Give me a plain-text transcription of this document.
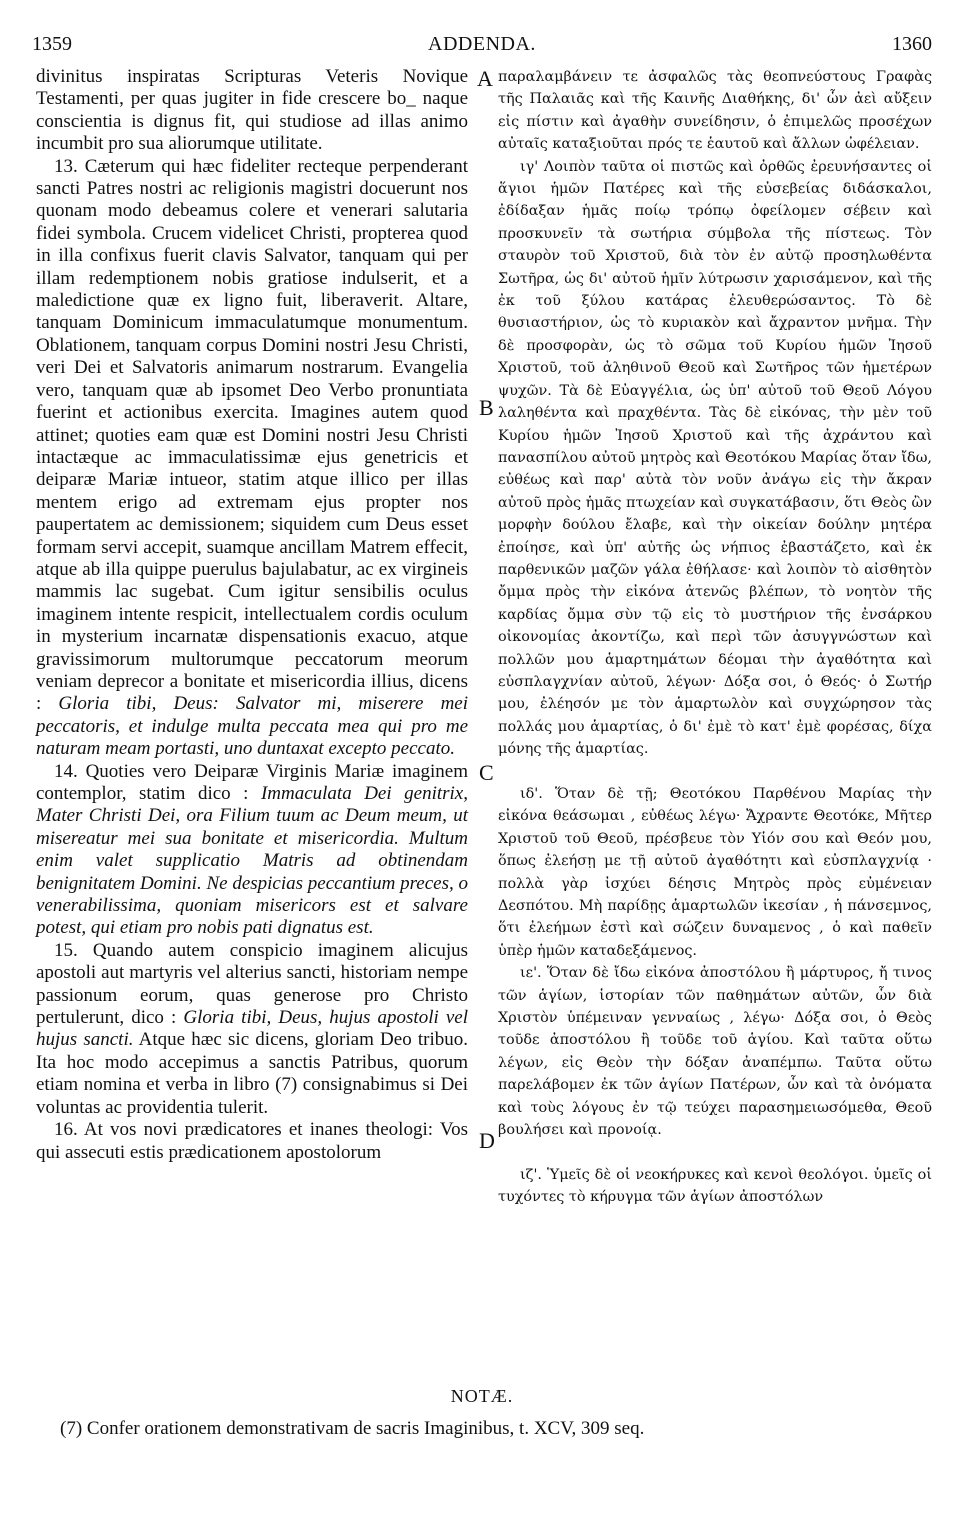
1359	ADDENDA.	1360

divinitus inspiratas Scripturas Veteris Novique Testamenti, per quas jugiter in fide crescere bo_ naque conscientia is dignus fit, qui studiose ad illas animo incumbit pro sua aliorumque utilitate.

13. Cæterum qui hæc fideliter recteque perpenderant sancti Patres nostri ac religionis magistri docuerunt nos quonam modo debeamus colere et venerari salutaria fidei symbola. Crucem videlicet Christi, propterea quod in illa confixus fuerit clavis Salvator, tanquam qui per illam redemptionem nobis gratiose indulserit, et a maledictione quæ ex ligno fuit, liberaverit. Altare, tanquam Dominicum immaculatumque monumentum. Oblationem, tanquam corpus Domini nostri Jesu Christi, veri Dei et Salvatoris animarum nostrarum. Evangelia vero, tanquam quæ ab ipsomet Deo Verbo pronuntiata fuerint et actionibus exercita. Imagines autem quod attinet; quoties eam quæ est Domini nostri Jesu Christi intactæque ac immaculatissimæ ejus genetricis et deiparæ Mariæ intueor, statim atque illico per illas mentem erigo ad extremam ejus propter nos paupertatem ac demissionem; siquidem cum Deus esset formam servi accepit, suamque ancillam Matrem effecit, atque ab illa quippe puerulus bajulabatur, ac ex virgineis mammis lac sugebat. Cum igitur sensibilis oculus imaginem intente respicit, intellectualem cordis oculum in mysterium incarnatæ dispensationis exacuo, atque gravissimorum multorumque peccatorum meorum veniam deprecor a bonitate et misericordia illius, dicens : Gloria tibi, Deus: Salvator mi, miserere mei peccatoris, et indulge multa peccata mea qui pro me naturam meam portasti, uno duntaxat excepto peccato.

14. Quoties vero Deiparæ Virginis Mariæ imaginem contemplor, statim dico : Immaculata Dei genitrix, Mater Christi Dei, ora Filium tuum ac Deum meum, ut misereatur mei sua bonitate et misericordia. Multum enim valet supplicatio Matris ad obtinendam benignitatem Domini. Ne despicias peccantium preces, o venerabilissima, quoniam misericors est et salvare potest, qui etiam pro nobis pati dignatus est.

15. Quando autem conspicio imaginem alicujus apostoli aut martyris vel alterius sancti, historiam nempe passionum eorum, quas generose pro Christo pertulerunt, dico : Gloria tibi, Deus, hujus apostoli vel hujus sancti. Atque hæc sic dicens, gloriam Deo tribuo. Ita hoc modo accepimus a sanctis Patribus, quorum etiam nomina et verba in libro (7) consignabimus si Dei voluntas ac providentia tulerit.

16. At vos novi prædicatores et inanes theologi: Vos qui assecuti estis prædicationem apostolorum

A
B
C
D

παραλαμβάνειν τε ἀσφαλῶς τὰς θεοπνεύστους Γραφὰς τῆς Παλαιᾶς καὶ τῆς Καινῆς Διαθήκης, δι' ὧν ἀεὶ αὔξειν εἰς πίστιν καὶ ἀγαθὴν συνείδησιν, ὁ ἐπιμελῶς προσέχων αὐταῖς καταξιοῦται πρός τε ἑαυτοῦ καὶ ἄλλων ὠφέλειαν.

ιγ' Λοιπὸν ταῦτα οἱ πιστῶς καὶ ὀρθῶς ἐρευνήσαντες οἱ ἅγιοι ἡμῶν Πατέρες καὶ τῆς εὐσεβείας διδάσκαλοι, ἐδίδαξαν ἡμᾶς ποίῳ τρόπῳ ὀφείλομεν σέβειν καὶ προσκυνεῖν τὰ σωτήρια σύμβολα τῆς πίστεως. Τὸν σταυρὸν τοῦ Χριστοῦ, διὰ τὸν ἐν αὐτῷ προσηλωθέντα Σωτῆρα, ὡς δι' αὐτοῦ ἡμῖν λύτρωσιν χαρισάμενον, καὶ τῆς ἐκ τοῦ ξύλου κατάρας ἐλευθερώσαντος. Τὸ δὲ θυσιαστήριον, ὡς τὸ κυριακὸν καὶ ἄχραντον μνῆμα. Τὴν δὲ προσφορὰν, ὡς τὸ σῶμα τοῦ Κυρίου ἡμῶν Ἰησοῦ Χριστοῦ, τοῦ ἀληθινοῦ Θεοῦ καὶ Σωτῆρος τῶν ἡμετέρων ψυχῶν. Τὰ δὲ Εὐαγγέλια, ὡς ὑπ' αὐτοῦ τοῦ Θεοῦ Λόγου λαληθέντα καὶ πραχθέντα. Τὰς δὲ εἰκόνας, τὴν μὲν τοῦ Κυρίου ἡμῶν Ἰησοῦ Χριστοῦ καὶ τῆς ἀχράντου καὶ πανασπίλου αὐτοῦ μητρὸς καὶ Θεοτόκου Μαρίας ὅταν ἴδω, εὐθέως καὶ παρ' αὐτὰ τὸν νοῦν ἀνάγω εἰς τὴν ἄκραν αὐτοῦ πρὸς ἡμᾶς πτωχείαν καὶ συγκατάβασιν, ὅτι Θεὸς ὢν μορφὴν δούλου ἔλαβε, καὶ τὴν οἰκείαν δούλην μητέρα ἐποίησε, καὶ ὑπ' αὐτῆς ὡς νήπιος ἐβαστάζετο, καὶ ἐκ παρθενικῶν μαζῶν γάλα ἐθήλασε· καὶ λοιπὸν τὸ αἰσθητὸν ὄμμα πρὸς τὴν εἰκόνα ἀτενῶς βλέπων, τὸ νοητὸν τῆς καρδίας ὄμμα σὺν τῷ εἰς τὸ μυστήριον τῆς ἐνσάρκου οἰκονομίας ἀκοντίζω, καὶ περὶ τῶν ἀσυγγνώστων καὶ πολλῶν μου ἁμαρτημάτων δέομαι τὴν ἀγαθότητα καὶ εὐσπλαγχνίαν αὐτοῦ, λέγων· Δόξα σοι, ὁ Θεός· ὁ Σωτήρ μου, ἐλέησόν με τὸν ἁμαρτωλὸν καὶ συγχώρησον τὰς πολλάς μου ἁμαρτίας, ὁ δι' ἐμὲ τὸ κατ' ἐμὲ φορέσας, δίχα μόνης τῆς ἁμαρτίας.

ιδ'. Ὅταν δὲ τῇ; Θεοτόκου Παρθένου Μαρίας τὴν εἰκόνα θεάσωμαι , εὐθέως λέγω· Ἄχραντε Θεοτόκε, Μῆτερ Χριστοῦ τοῦ Θεοῦ, πρέσβευε τὸν Υἱόν σου καὶ Θεόν μου, ὅπως ἐλεήσῃ με τῇ αὐτοῦ ἀγαθότητι καὶ εὐσπλαγχνίᾳ · πολλὰ γὰρ ἰσχύει δέησις Μητρὸς πρὸς εὐμένειαν Δεσπότου. Μὴ παρίδῃς ἁμαρτωλῶν ἱκεσίαν , ἡ πάνσεμνος, ὅτι ἐλεήμων ἐστὶ καὶ σώζειν δυναμενος , ὁ καὶ παθεῖν ὑπὲρ ἡμῶν καταδεξάμενος.

ιε'. Ὅταν δὲ ἴδω εἰκόνα ἀποστόλου ἢ μάρτυρος, ἤ τινος τῶν ἁγίων, ἱστορίαν τῶν παθημάτων αὐτῶν, ὧν διὰ Χριστὸν ὑπέμειναν γενναίως , λέγω· Δόξα σοι, ὁ Θεὸς τοῦδε ἀποστόλου ἢ τοῦδε τοῦ ἁγίου. Καὶ ταῦτα οὕτω λέγων, εἰς Θεὸν τὴν δόξαν ἀναπέμπω. Ταῦτα οὕτω παρελάβομεν ἐκ τῶν ἁγίων Πατέρων, ὧν καὶ τὰ ὀνόματα καὶ τοὺς λόγους ἐν τῷ τεύχει παρασημειωσόμεθα, Θεοῦ βουλήσει καὶ προνοίᾳ.

ιζ'. Ὑμεῖς δὲ οἱ νεοκήρυκες καὶ κενοὶ θεολόγοι. ὑμεῖς οἱ τυχόντες τὸ κήρυγμα τῶν ἁγίων ἀποστόλων

NOTÆ.
(7) Confer orationem demonstrativam de sacris Imaginibus, t. XCV, 309 seq.
